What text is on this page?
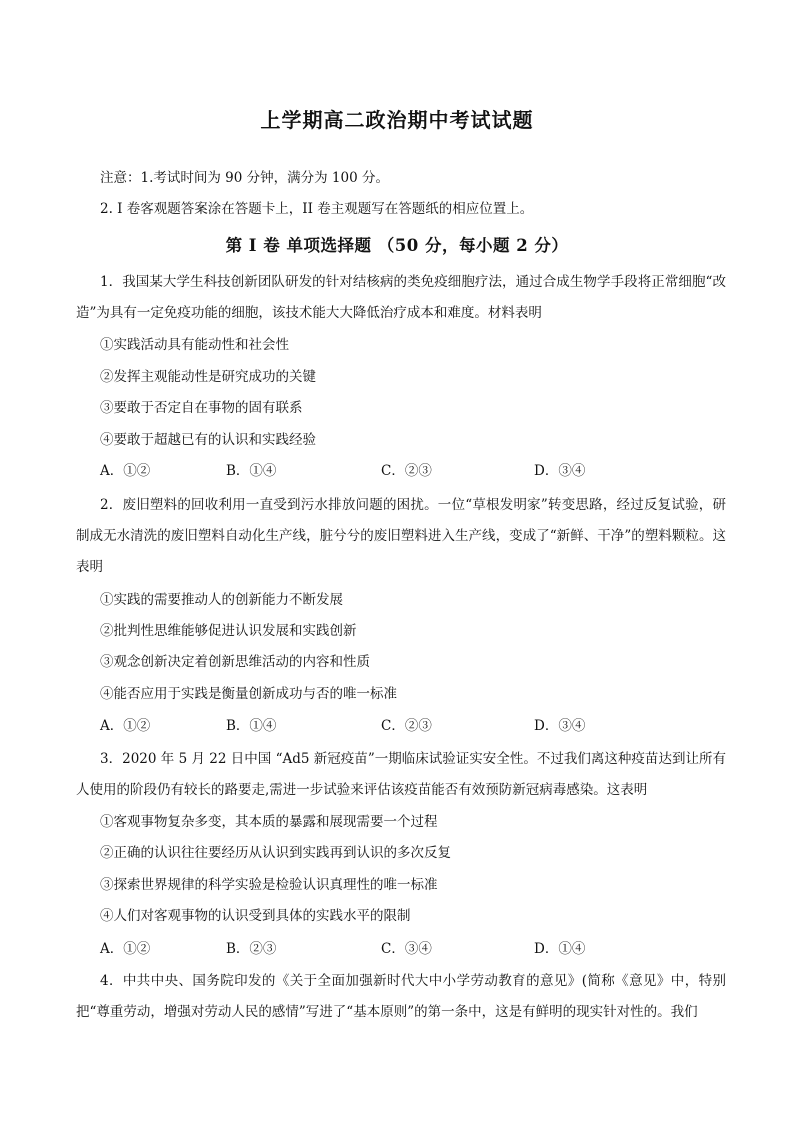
上学期高二政治期中考试试题
注意：1.考试时间为 90 分钟，满分为 100 分。
2. I 卷客观题答案涂在答题卡上，II 卷主观题写在答题纸的相应位置上。
第 I 卷 单项选择题 （50 分，每小题 2 分）
1．我国某大学生科技创新团队研发的针对结核病的类免疫细胞疗法，通过合成生物学手段将正常细胞“改造”为具有一定免疫功能的细胞，该技术能大大降低治疗成本和难度。材料表明
①实践活动具有能动性和社会性
②发挥主观能动性是研究成功的关键
③要敢于否定自在事物的固有联系
④要敢于超越已有的认识和实践经验
A．①②	B．①④	C．②③	D．③④
2．废旧塑料的回收利用一直受到污水排放问题的困扰。一位“草根发明家”转变思路，经过反复试验，研制成无水清洗的废旧塑料自动化生产线，脏兮兮的废旧塑料进入生产线，变成了“新鲜、干净”的塑料颗粒。这表明
①实践的需要推动人的创新能力不断发展
②批判性思维能够促进认识发展和实践创新
③观念创新决定着创新思维活动的内容和性质
④能否应用于实践是衡量创新成功与否的唯一标准
A．①②	B．①④	C．②③	D．③④
3．2020 年 5 月 22 日中国 “Ad5 新冠疫苗”一期临床试验证实安全性。不过我们离这种疫苗达到让所有人使用的阶段仍有较长的路要走,需进一步试验来评估该疫苗能否有效预防新冠病毒感染。这表明
①客观事物复杂多变，其本质的暴露和展现需要一个过程
②正确的认识往往要经历从认识到实践再到认识的多次反复
③探索世界规律的科学实验是检验认识真理性的唯一标准
④人们对客观事物的认识受到具体的实践水平的限制
A．①②	B．②③	C．③④	D．①④
4．中共中央、国务院印发的《关于全面加强新时代大中小学劳动教育的意见》(简称《意见》中，特别把“尊重劳动，增强对劳动人民的感情”写进了“基本原则”的第一条中，这是有鲜明的现实针对性的。我们
